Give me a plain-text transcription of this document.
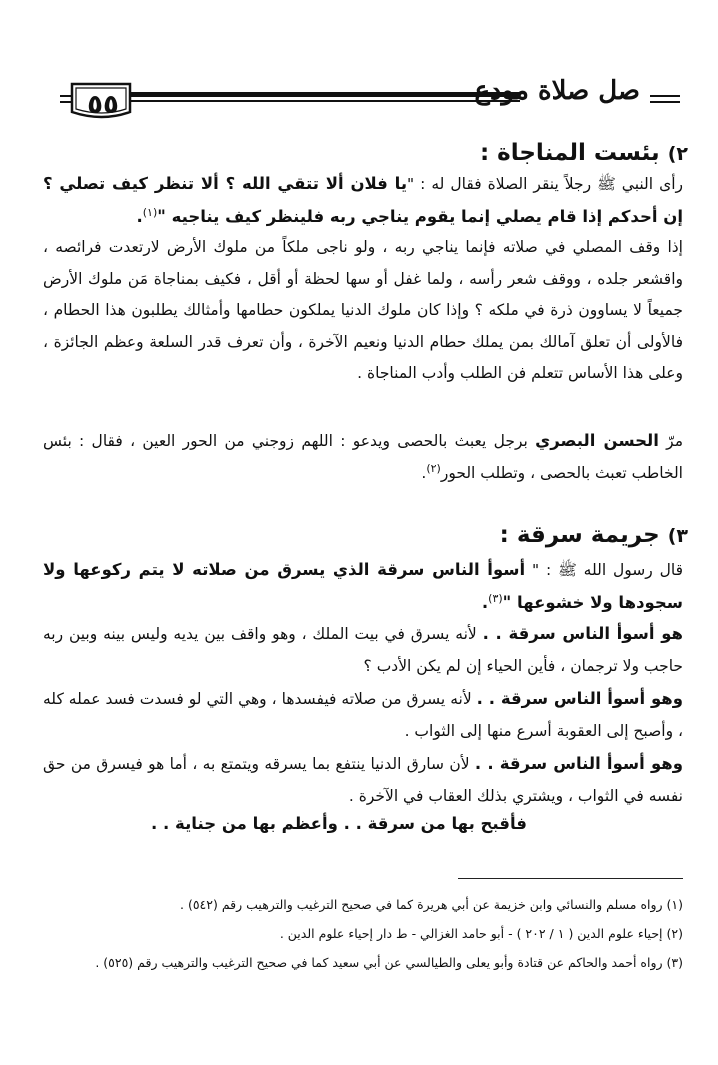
٥٥	صل صلاة مودع
٢) بئست المناجاة :
رأى النبي ﷺ رجلاً ينقر الصلاة فقال له : "يا فلان ألا تتقي الله ؟ ألا تنظر كيف تصلي ؟ إن أحدكم إذا قام يصلي إنما يقوم يناجي ربه فلينظر كيف يناجيه "$^{(١)}$.
إذا وقف المصلي في صلاته فإنما يناجي ربه ، ولو ناجى ملكاً من ملوك الأرض لارتعدت فرائصه ، واقشعر جلده ، ووقف شعر رأسه ، ولما غفل أو سها لحظة أو أقل ، فكيف بمناجاة مَن ملوك الأرض جميعاً لا يساوون ذرة في ملكه ؟ وإذا كان ملوك الدنيا يملكون حطامها وأمثالك يطلبون هذا الحطام ، فالأولى أن تعلق آمالك بمن يملك حطام الدنيا ونعيم الآخرة ، وأن تعرف قدر السلعة وعظم الجائزة ، وعلى هذا الأساس تتعلم فن الطلب وأدب المناجاة .
مرّ الحسن البصري برجل يعبث بالحصى ويدعو : اللهم زوجني من الحور العين ، فقال : بئس الخاطب تعبث بالحصى ، وتطلب الحور$^{(٢)}$.
٣) جريمة سرقة :
قال رسول الله ﷺ : " أسوأ الناس سرقة الذي يسرق من صلاته لا يتم ركوعها ولا سجودها ولا خشوعها "$^{(٣)}$.
هو أسوأ الناس سرقة . . لأنه يسرق في بيت الملك ، وهو واقف بين يديه وليس بينه وبين ربه حاجب ولا ترجمان ، فأين الحياء إن لم يكن الأدب ؟
وهو أسوأ الناس سرقة . . لأنه يسرق من صلاته فيفسدها ، وهي التي لو فسدت فسد عمله كله ، وأصبح إلى العقوبة أسرع منها إلى الثواب .
وهو أسوأ الناس سرقة . . لأن سارق الدنيا ينتفع بما يسرقه ويتمتع به ، أما هو فيسرق من حق نفسه في الثواب ، ويشتري بذلك العقاب في الآخرة .
فأقبح بها من سرقة . . وأعظم بها من جناية . .

(١) رواه مسلم والنسائي وابن خزيمة عن أبي هريرة كما في صحيح الترغيب والترهيب رقم (٥٤٢) .

(٢) إحياء علوم الدين ( ١ / ٢٠٢ ) - أبو حامد الغزالي - ط دار إحياء علوم الدين .

(٣) رواه أحمد والحاكم عن قتادة وأبو يعلى والطيالسي عن أبي سعيد كما في صحيح الترغيب والترهيب رقم (٥٢٥) .
